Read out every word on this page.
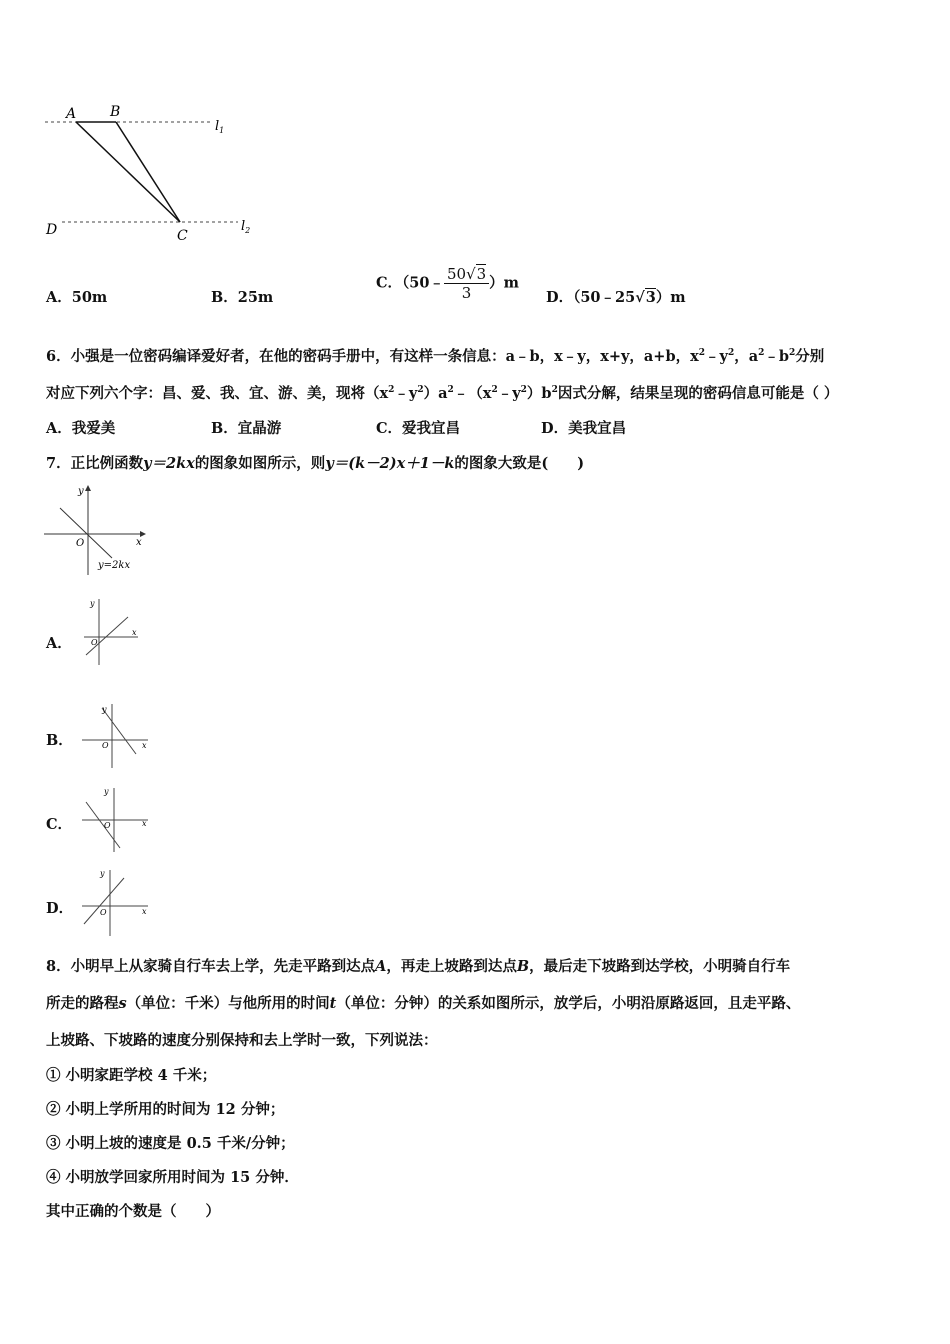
A B
C
D
$l_1$
$l_2$
A．50m	B．25m
C．（50﹣ $\frac{50√3}{3} )m$
D．（50﹣25√3）m
6．小强是一位密码编译爱好者，在他的密码手册中，有这样一条信息：a﹣b，x﹣y，x+y，a+b，$x^2﹣y^2$，$a^2﹣b^2$分别
对应下列六个字：昌、爱、我、宜、游、美，现将$(x^2﹣y^2)a^2﹣(x^2﹣y^2)b^2$因式分解，结果呈现的密码信息可能是（ ）
A．我爱美	B．宜晶游	C．爱我宜昌	D．美我宜昌
7．正比例函数y＝2kx的图象如图所示，则y＝(k－2)x＋1－k的图象大致是(　　)
y
x
O
y=2kx
A．
y
x
O
B．
y
x
O
C．
y
x
O
D．
y
x
O
8．小明早上从家骑自行车去上学，先走平路到达点A，再走上坡路到达点B，最后走下坡路到达学校，小明骑自行车
所走的路程s（单位：千米）与他所用的时间t（单位：分钟）的关系如图所示，放学后，小明沿原路返回，且走平路、
上坡路、下坡路的速度分别保持和去上学时一致，下列说法：
① 小明家距学校 4 千米；
② 小明上学所用的时间为 12 分钟；
③ 小明上坡的速度是 0.5 千米/分钟；
④ 小明放学回家所用时间为 15 分钟．
其中正确的个数是（　　）
